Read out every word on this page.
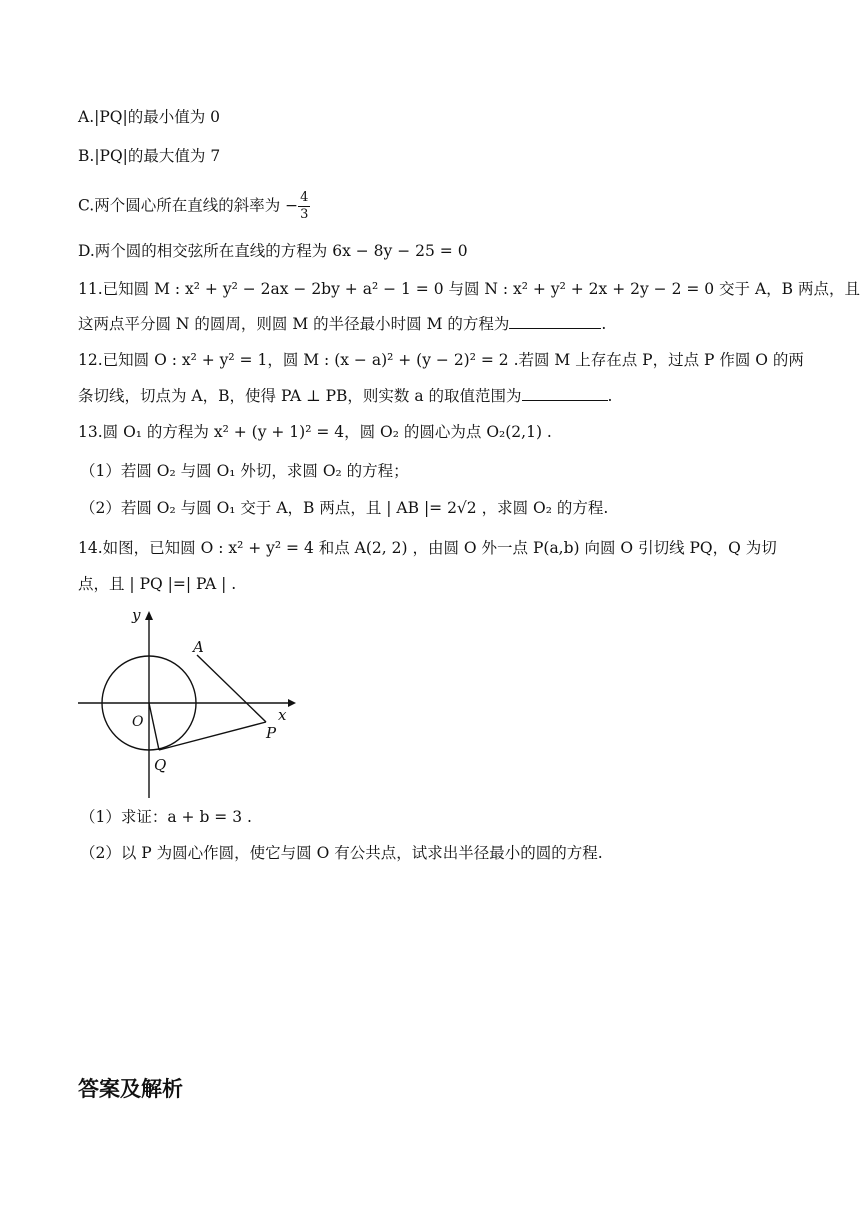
A.|PQ|的最小值为 0
B.|PQ|的最大值为 7
C.两个圆心所在直线的斜率为 − $\frac{4}{3}$
D.两个圆的相交弦所在直线的方程为 6x − 8y − 25 = 0
11.已知圆 M : x² + y² − 2ax − 2by + a² − 1 = 0 与圆 N : x² + y² + 2x + 2y − 2 = 0 交于 A，B 两点，且
这两点平分圆 N 的圆周，则圆 M 的半径最小时圆 M 的方程为	.
12.已知圆 O : x² + y² = 1，圆 M : (x − a)² + (y − 2)² = 2 .若圆 M 上存在点 P，过点 P 作圆 O 的两
条切线，切点为 A，B，使得 PA ⊥ PB，则实数 a 的取值范围为	.
13.圆 O₁ 的方程为 x² + (y + 1)² = 4，圆 O₂ 的圆心为点 O₂(2,1) .
（1）若圆 O₂ 与圆 O₁ 外切，求圆 O₂ 的方程；
（2）若圆 O₂ 与圆 O₁ 交于 A，B 两点，且 | AB |= 2√2 ，求圆 O₂ 的方程.
14.如图，已知圆 O : x² + y² = 4 和点 A(2, 2) ，由圆 O 外一点 P(a,b) 向圆 O 引切线 PQ，Q 为切
点，且 | PQ |=| PA | .
y
x
O
A
P
Q
（1）求证：a + b = 3 .
（2）以 P 为圆心作圆，使它与圆 O 有公共点，试求出半径最小的圆的方程.
答案及解析
